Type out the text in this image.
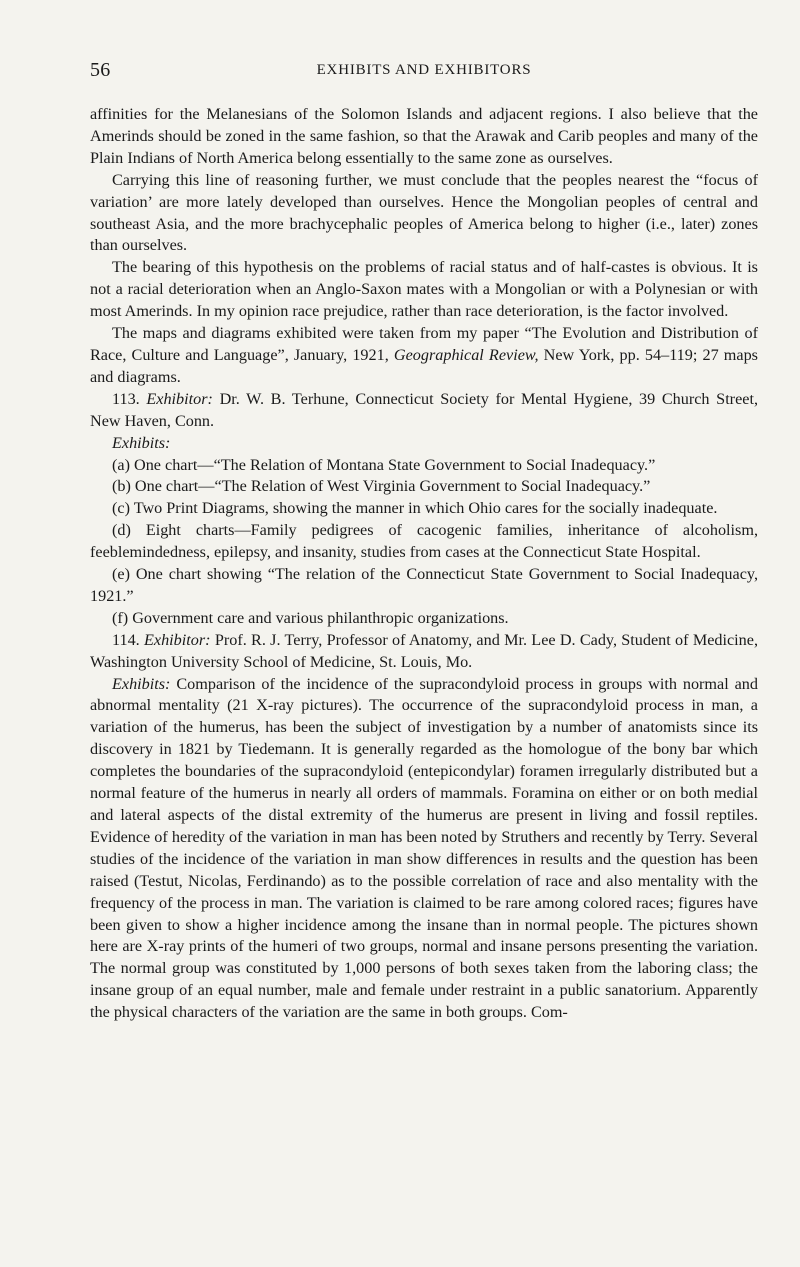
56	EXHIBITS AND EXHIBITORS

affinities for the Melanesians of the Solomon Islands and adjacent regions. I also believe that the Amerinds should be zoned in the same fashion, so that the Arawak and Carib peoples and many of the Plain Indians of North America belong essentially to the same zone as ourselves.

Carrying this line of reasoning further, we must conclude that the peoples nearest the “focus of variation’ are more lately developed than ourselves. Hence the Mongolian peoples of central and southeast Asia, and the more brachycephalic peoples of America belong to higher (i.e., later) zones than ourselves.

The bearing of this hypothesis on the problems of racial status and of half-castes is obvious. It is not a racial deterioration when an Anglo-Saxon mates with a Mongolian or with a Polynesian or with most Amerinds. In my opinion race prejudice, rather than race deterioration, is the factor involved.

The maps and diagrams exhibited were taken from my paper “The Evolution and Distribution of Race, Culture and Language”, January, 1921, Geographical Review, New York, pp. 54–119; 27 maps and diagrams.

113. Exhibitor: Dr. W. B. Terhune, Connecticut Society for Mental Hygiene, 39 Church Street, New Haven, Conn.

Exhibits:

(a) One chart—“The Relation of Montana State Government to Social Inadequacy.”

(b) One chart—“The Relation of West Virginia Government to Social Inadequacy.”

(c) Two Print Diagrams, showing the manner in which Ohio cares for the socially inadequate.

(d) Eight charts—Family pedigrees of cacogenic families, inheritance of alcoholism, feeblemindedness, epilepsy, and insanity, studies from cases at the Connecticut State Hospital.

(e) One chart showing “The relation of the Connecticut State Government to Social Inadequacy, 1921.”

(f) Government care and various philanthropic organizations.

114. Exhibitor: Prof. R. J. Terry, Professor of Anatomy, and Mr. Lee D. Cady, Student of Medicine, Washington University School of Medicine, St. Louis, Mo.

Exhibits: Comparison of the incidence of the supracondyloid process in groups with normal and abnormal mentality (21 X-ray pictures). The occurrence of the supracondyloid process in man, a variation of the humerus, has been the subject of investigation by a number of anatomists since its discovery in 1821 by Tiedemann. It is generally regarded as the homologue of the bony bar which completes the boundaries of the supracondyloid (entepicondylar) foramen irregularly distributed but a normal feature of the humerus in nearly all orders of mammals. Foramina on either or on both medial and lateral aspects of the distal extremity of the humerus are present in living and fossil reptiles. Evidence of heredity of the variation in man has been noted by Struthers and recently by Terry. Several studies of the incidence of the variation in man show differences in results and the question has been raised (Testut, Nicolas, Ferdinando) as to the possible correlation of race and also mentality with the frequency of the process in man. The variation is claimed to be rare among colored races; figures have been given to show a higher incidence among the insane than in normal people. The pictures shown here are X-ray prints of the humeri of two groups, normal and insane persons presenting the variation. The normal group was constituted by 1,000 persons of both sexes taken from the laboring class; the insane group of an equal number, male and female under restraint in a public sanatorium. Apparently the physical characters of the variation are the same in both groups. Com-
